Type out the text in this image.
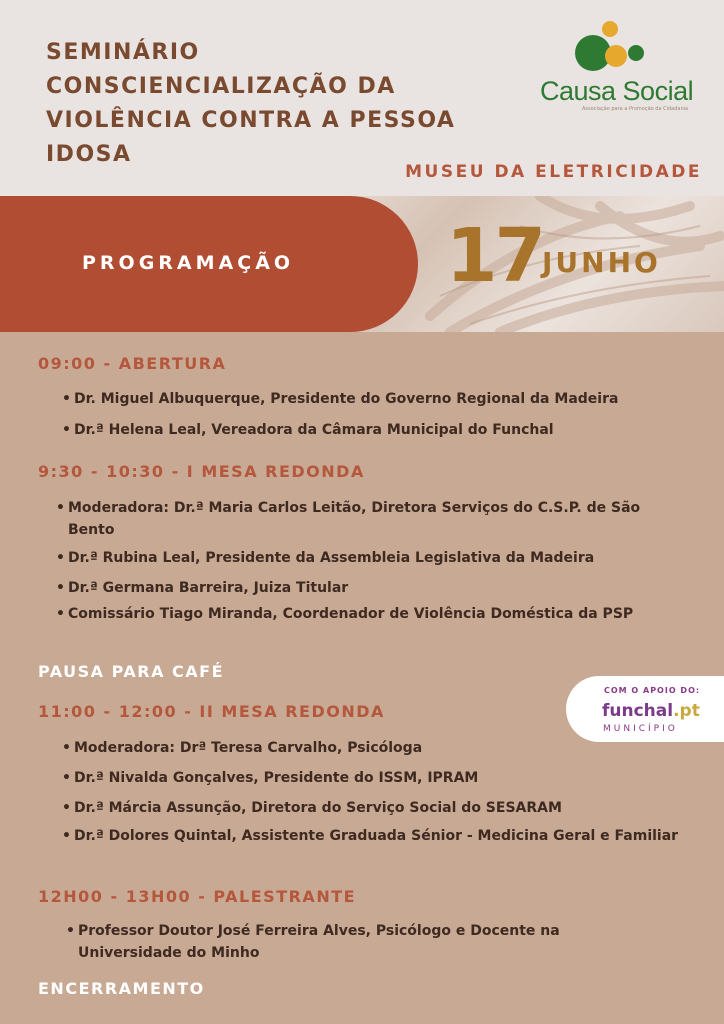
SEMINÁRIO
CONSCIENCIALIZAÇÃO DA
VIOLÊNCIA CONTRA A PESSOA
IDOSA
Causa Social
Associação para a Promoção da Cidadania
MUSEU DA ELETRICIDADE
PROGRAMAÇÃO 17 JUNHO
09:00 - ABERTURA
• Dr. Miguel Albuquerque, Presidente do Governo Regional da Madeira
• Dr.ª Helena Leal, Vereadora da Câmara Municipal do Funchal
9:30 - 10:30 - I MESA REDONDA
• Moderadora: Dr.ª Maria Carlos Leitão, Diretora Serviços do C.S.P. de São Bento
• Dr.ª Rubina Leal, Presidente da Assembleia Legislativa da Madeira
• Dr.ª Germana Barreira, Juiza Titular
• Comissário Tiago Miranda, Coordenador de Violência Doméstica da PSP
PAUSA PARA CAFÉ
11:00 - 12:00 - II MESA REDONDA
• Moderadora: Drª Teresa Carvalho, Psicóloga
• Dr.ª Nivalda Gonçalves, Presidente do ISSM, IPRAM
• Dr.ª Márcia Assunção, Diretora do Serviço Social do SESARAM
• Dr.ª Dolores Quintal, Assistente Graduada Sénior - Medicina Geral e Familiar
12H00 - 13H00 - PALESTRANTE
• Professor Doutor José Ferreira Alves, Psicólogo e Docente na Universidade do Minho
ENCERRAMENTO
COM O APOIO DO:
funchal.pt
MUNICÍPIO
